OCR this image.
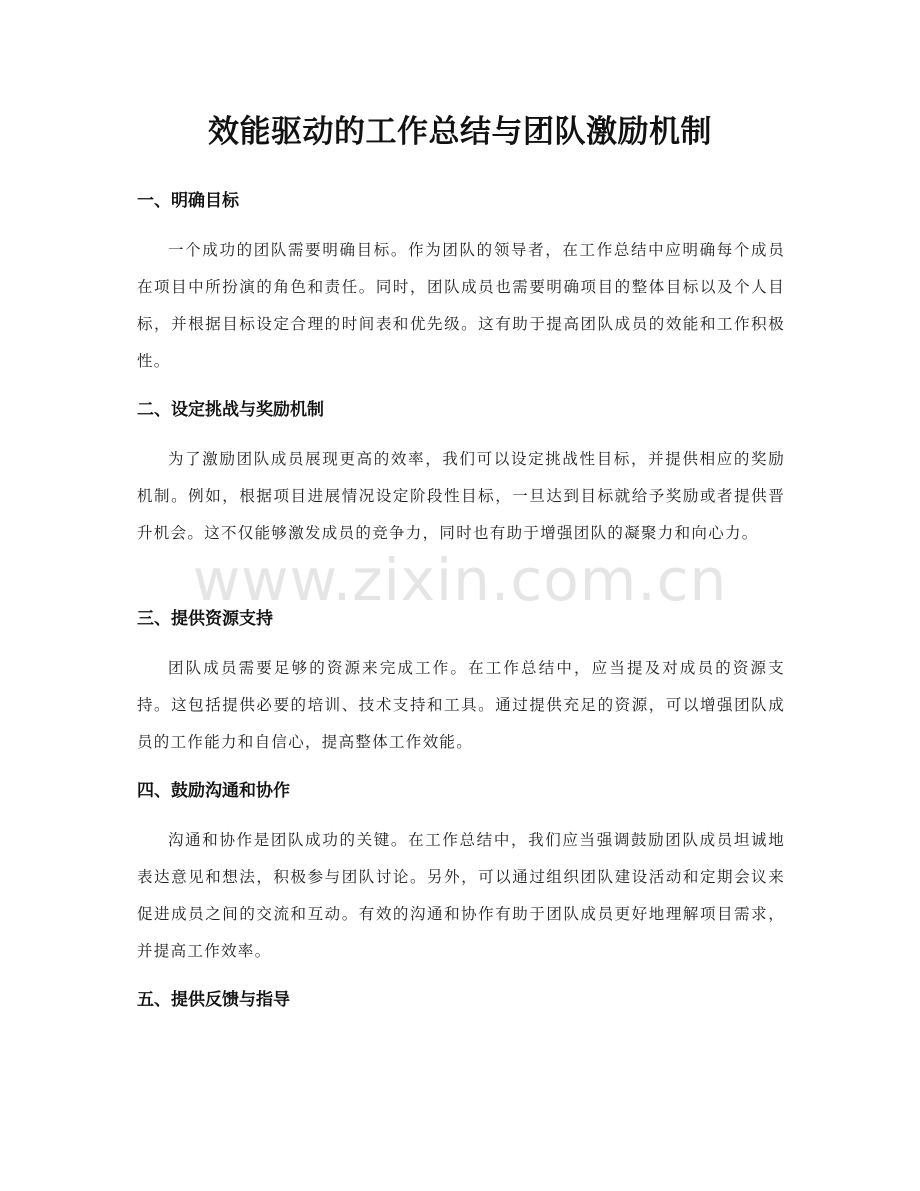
效能驱动的工作总结与团队激励机制
一、明确目标

一个成功的团队需要明确目标。作为团队的领导者，在工作总结中应明确每个成员在项目中所扮演的角色和责任。同时，团队成员也需要明确项目的整体目标以及个人目标，并根据目标设定合理的时间表和优先级。这有助于提高团队成员的效能和工作积极性。

二、设定挑战与奖励机制

为了激励团队成员展现更高的效率，我们可以设定挑战性目标，并提供相应的奖励机制。例如，根据项目进展情况设定阶段性目标，一旦达到目标就给予奖励或者提供晋升机会。这不仅能够激发成员的竞争力，同时也有助于增强团队的凝聚力和向心力。

三、提供资源支持

团队成员需要足够的资源来完成工作。在工作总结中，应当提及对成员的资源支持。这包括提供必要的培训、技术支持和工具。通过提供充足的资源，可以增强团队成员的工作能力和自信心，提高整体工作效能。

四、鼓励沟通和协作

沟通和协作是团队成功的关键。在工作总结中，我们应当强调鼓励团队成员坦诚地表达意见和想法，积极参与团队讨论。另外，可以通过组织团队建设活动和定期会议来促进成员之间的交流和互动。有效的沟通和协作有助于团队成员更好地理解项目需求，并提高工作效率。

五、提供反馈与指导
www.zixin.com.cn
